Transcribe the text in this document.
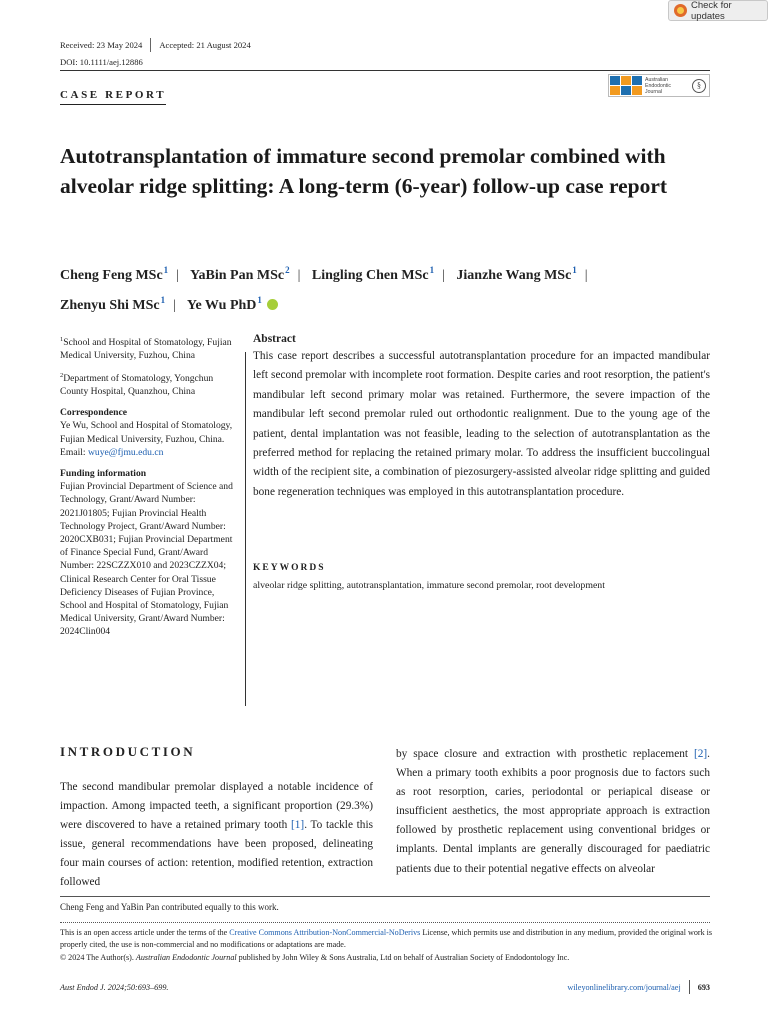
Check for updates
Received: 23 May 2024 Accepted: 21 August 2024
DOI: 10.1111/aej.12886
CASE REPORT
Australian
Endodontic
Journal
§
Autotransplantation of immature second premolar combined with alveolar ridge splitting: A long-term (6-year) follow-up case report
Cheng Feng MSc$^1$ | YaBin Pan MSc$^2$ | Lingling Chen MSc$^1$ | Jianzhe Wang MSc$^1$ |
Zhenyu Shi MSc$^1$ | Ye Wu PhD$^1$

$^1$School and Hospital of Stomatology, Fujian Medical University, Fuzhou, China

$^2$Department of Stomatology, Yongchun County Hospital, Quanzhou, China

Correspondence

Ye Wu, School and Hospital of Stomatology, Fujian Medical University, Fuzhou, China.
Email: wuye@fjmu.edu.cn

Funding information

Fujian Provincial Department of Science and Technology, Grant/Award Number: 2021J01805; Fujian Provincial Health Technology Project, Grant/Award Number: 2020CXB031; Fujian Provincial Department of Finance Special Fund, Grant/Award Number: 22SCZZX010 and 2023CZZX04; Clinical Research Center for Oral Tissue Deficiency Diseases of Fujian Province, School and Hospital of Stomatology, Fujian Medical University, Grant/Award Number: 2024Clin004

Abstract

This case report describes a successful autotransplantation procedure for an impacted mandibular left second premolar with incomplete root formation. Despite caries and root resorption, the patient's mandibular left second primary molar was retained. Furthermore, the severe impaction of the mandibular left second premolar ruled out orthodontic realignment. Due to the young age of the patient, dental implantation was not feasible, leading to the selection of autotransplantation as the preferred method for replacing the retained primary molar. To address the insufficient buccolingual width of the recipient site, a combination of piezosurgery-assisted alveolar ridge splitting and guided bone regeneration techniques was employed in this autotransplantation procedure.

KEYWORDS
alveolar ridge splitting, autotransplantation, immature second premolar, root development
INTRODUCTION

The second mandibular premolar displayed a notable incidence of impaction. Among impacted teeth, a significant proportion (29.3%) were discovered to have a retained primary tooth [1]. To tackle this issue, general recommendations have been proposed, delineating four main courses of action: retention, modified retention, extraction followed

by space closure and extraction with prosthetic replacement [2]. When a primary tooth exhibits a poor prognosis due to factors such as root resorption, caries, periodontal or periapical disease or insufficient aesthetics, the most appropriate approach is extraction followed by prosthetic replacement using conventional bridges or implants. Dental implants are generally discouraged for paediatric patients due to their potential negative effects on alveolar

Cheng Feng and YaBin Pan contributed equally to this work.
This is an open access article under the terms of the Creative Commons Attribution-NonCommercial-NoDerivs License, which permits use and distribution in any medium, provided the original work is properly cited, the use is non-commercial and no modifications or adaptations are made.
© 2024 The Author(s). Australian Endodontic Journal published by John Wiley & Sons Australia, Ltd on behalf of Australian Society of Endodontology Inc.
Aust Endod J. 2024;50:693–699.	wileyonlinelibrary.com/journal/aej 693
